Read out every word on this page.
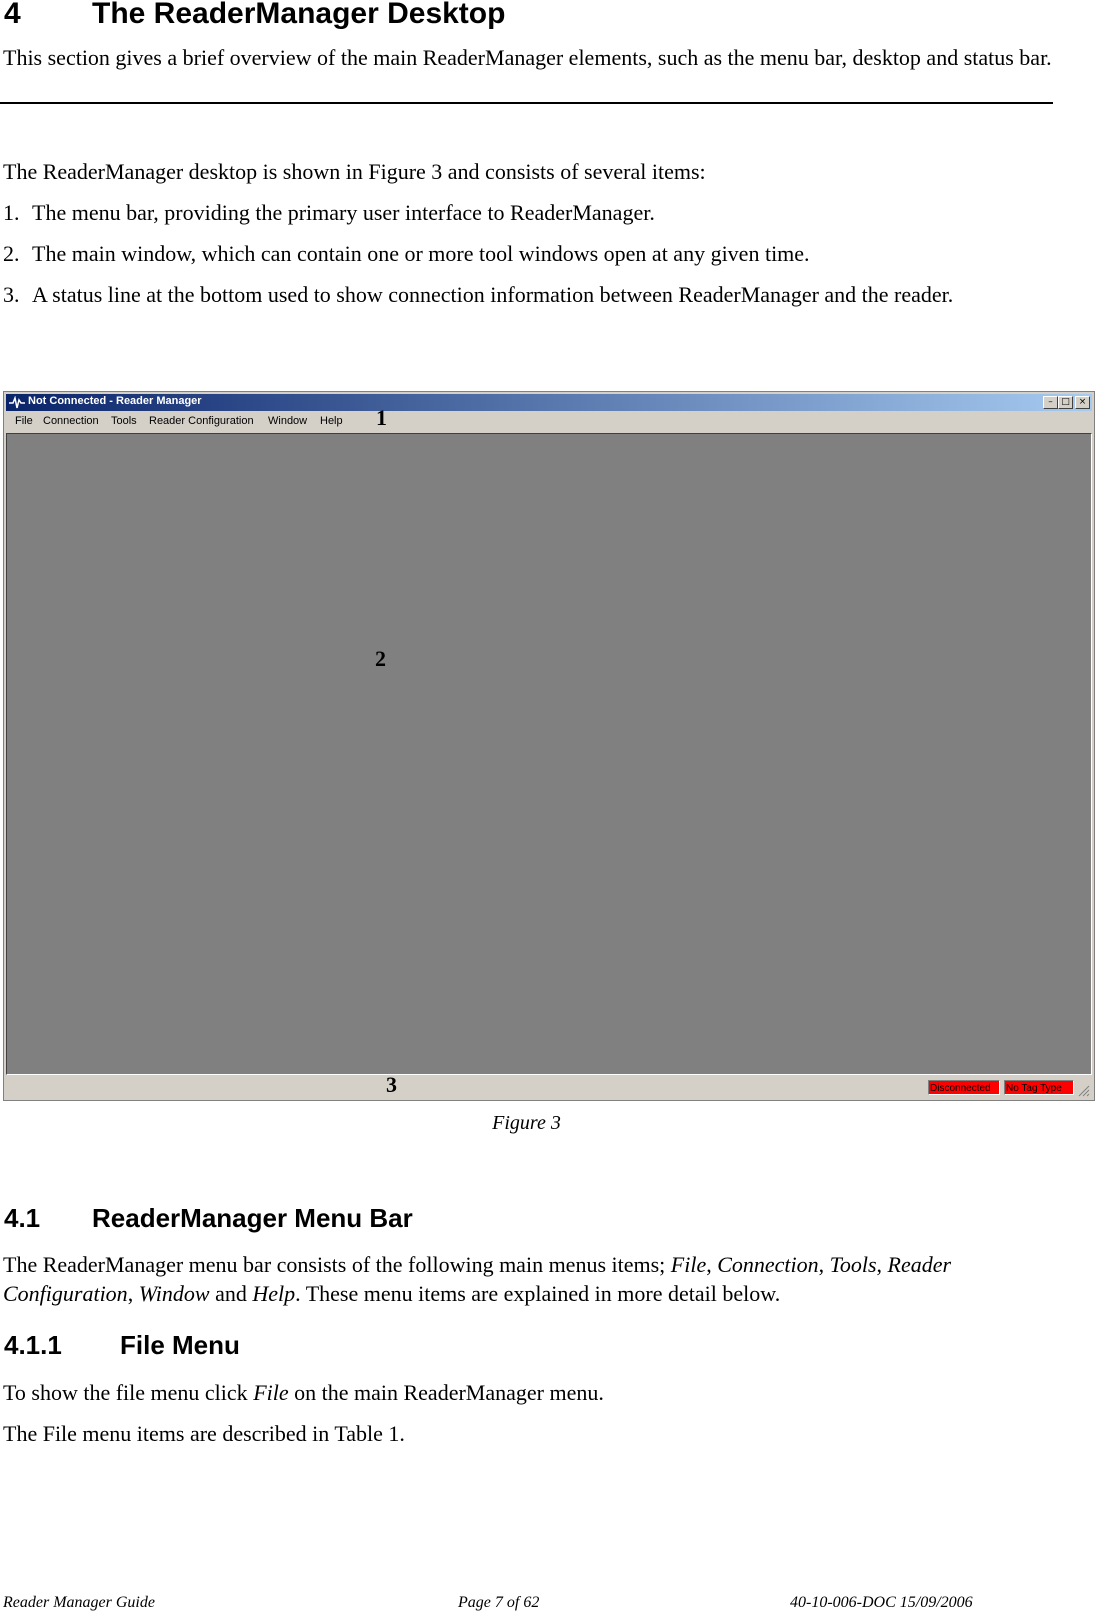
4 The ReaderManager Desktop
This section gives a brief overview of the main ReaderManager elements, such as the menu bar, desktop and status bar.
The ReaderManager desktop is shown in Figure 3 and consists of several items:
1. The menu bar, providing the primary user interface to ReaderManager.
2. The main window, which can contain one or more tool windows open at any given time.
3. A status line at the bottom used to show connection information between ReaderManager and the reader.
Not Connected - Reader Manager	– □ ×
File Connection Tools Reader Configuration Window Help 1
2
3	Disconnected	No Tag Type
Figure 3
4.1 ReaderManager Menu Bar
The ReaderManager menu bar consists of the following main menus items; File, Connection, Tools, Reader Configuration, Window and Help. These menu items are explained in more detail below.
4.1.1 File Menu
To show the file menu click File on the main ReaderManager menu.
The File menu items are described in Table 1.
Reader Manager Guide	Page 7 of 62	40-10-006-DOC 15/09/2006
